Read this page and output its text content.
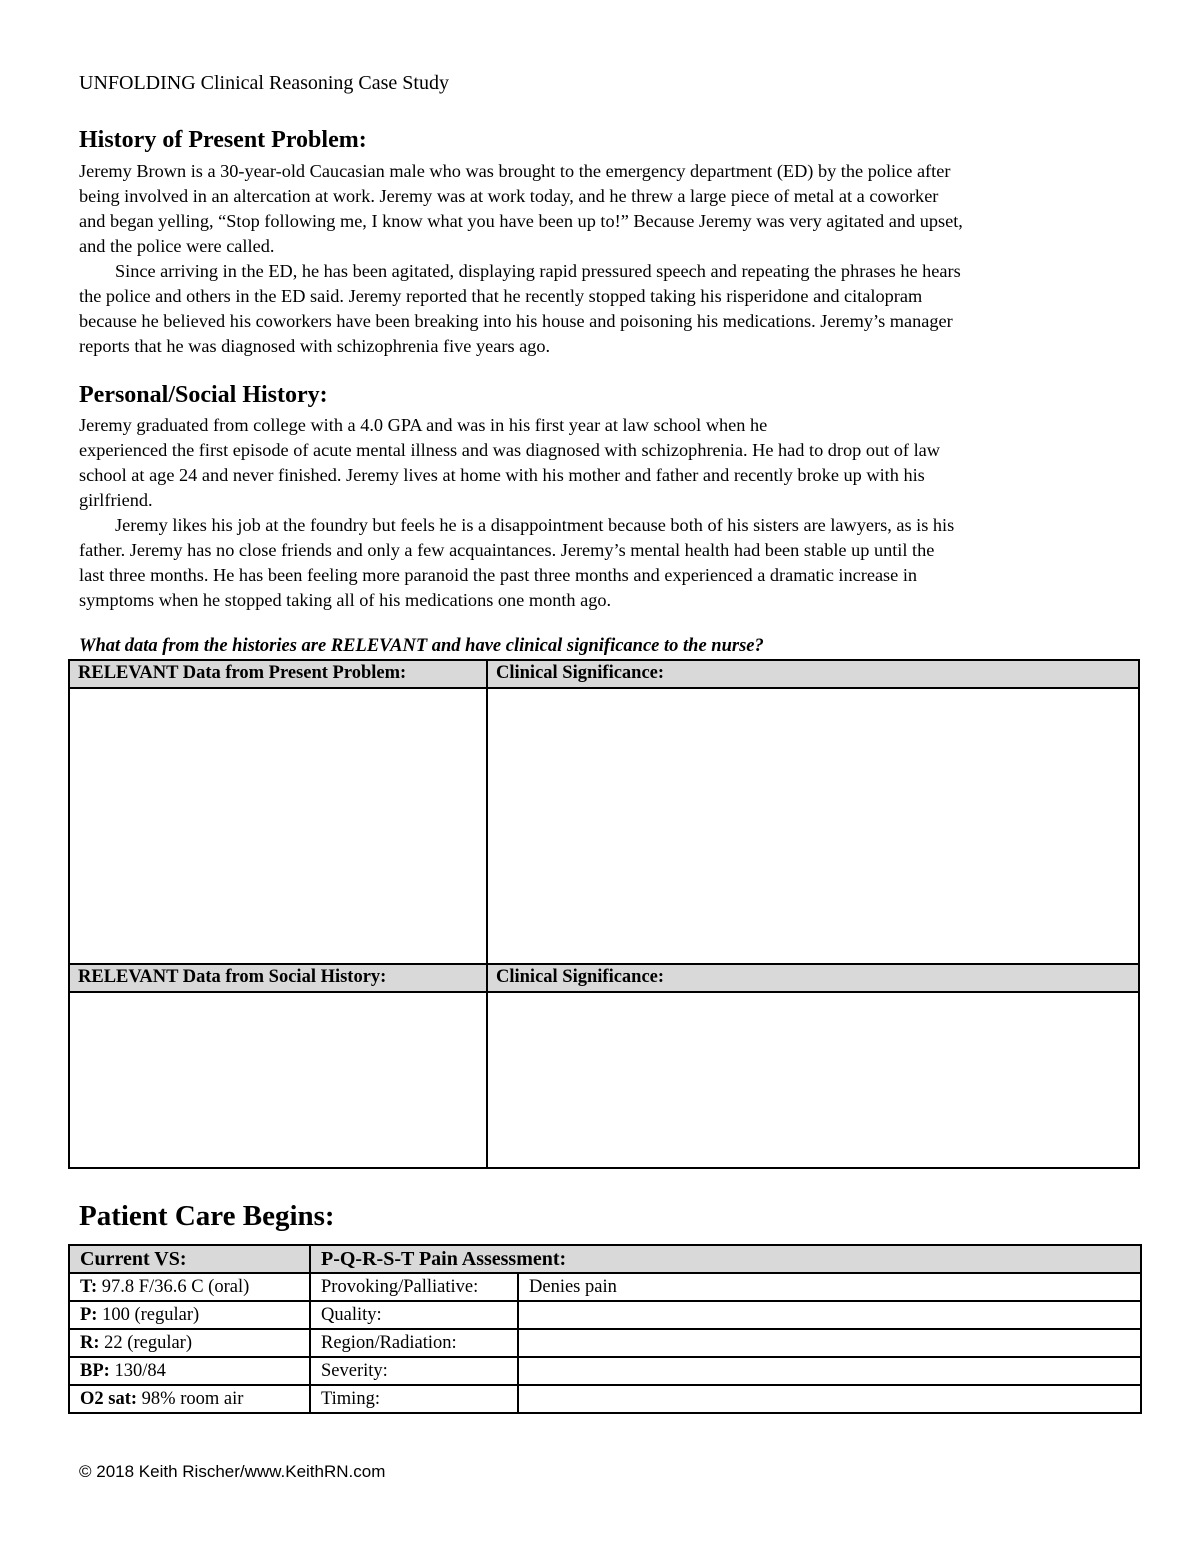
UNFOLDING Clinical Reasoning Case Study
History of Present Problem:

Jeremy Brown is a 30-year-old Caucasian male who was brought to the emergency department (ED) by the police after
being involved in an altercation at work. Jeremy was at work today, and he threw a large piece of metal at a coworker
and began yelling, “Stop following me, I know what you have been up to!” Because Jeremy was very agitated and upset,
and the police were called.
Since arriving in the ED, he has been agitated, displaying rapid pressured speech and repeating the phrases he hears
the police and others in the ED said. Jeremy reported that he recently stopped taking his risperidone and citalopram
because he believed his coworkers have been breaking into his house and poisoning his medications. Jeremy’s manager
reports that he was diagnosed with schizophrenia five years ago.

Personal/Social History:

Jeremy graduated from college with a 4.0 GPA and was in his first year at law school when he
experienced the first episode of acute mental illness and was diagnosed with schizophrenia. He had to drop out of law
school at age 24 and never finished. Jeremy lives at home with his mother and father and recently broke up with his
girlfriend.
Jeremy likes his job at the foundry but feels he is a disappointment because both of his sisters are lawyers, as is his
father. Jeremy has no close friends and only a few acquaintances. Jeremy’s mental health had been stable up until the
last three months. He has been feeling more paranoid the past three months and experienced a dramatic increase in
symptoms when he stopped taking all of his medications one month ago.

What data from the histories are RELEVANT and have clinical significance to the nurse?
RELEVANT Data from Present Problem:	Clinical Significance:

RELEVANT Data from Social History:	Clinical Significance:

Patient Care Begins:
Current VS:	P-Q-R-S-T Pain Assessment:	
T: 97.8 F/36.6 C (oral)	Provoking/Palliative:	Denies pain
P: 100 (regular)	Quality:	
R: 22 (regular)	Region/Radiation:	
BP: 130/84	Severity:	
O2 sat: 98% room air	Timing:	
© 2018 Keith Rischer/www.KeithRN.com
